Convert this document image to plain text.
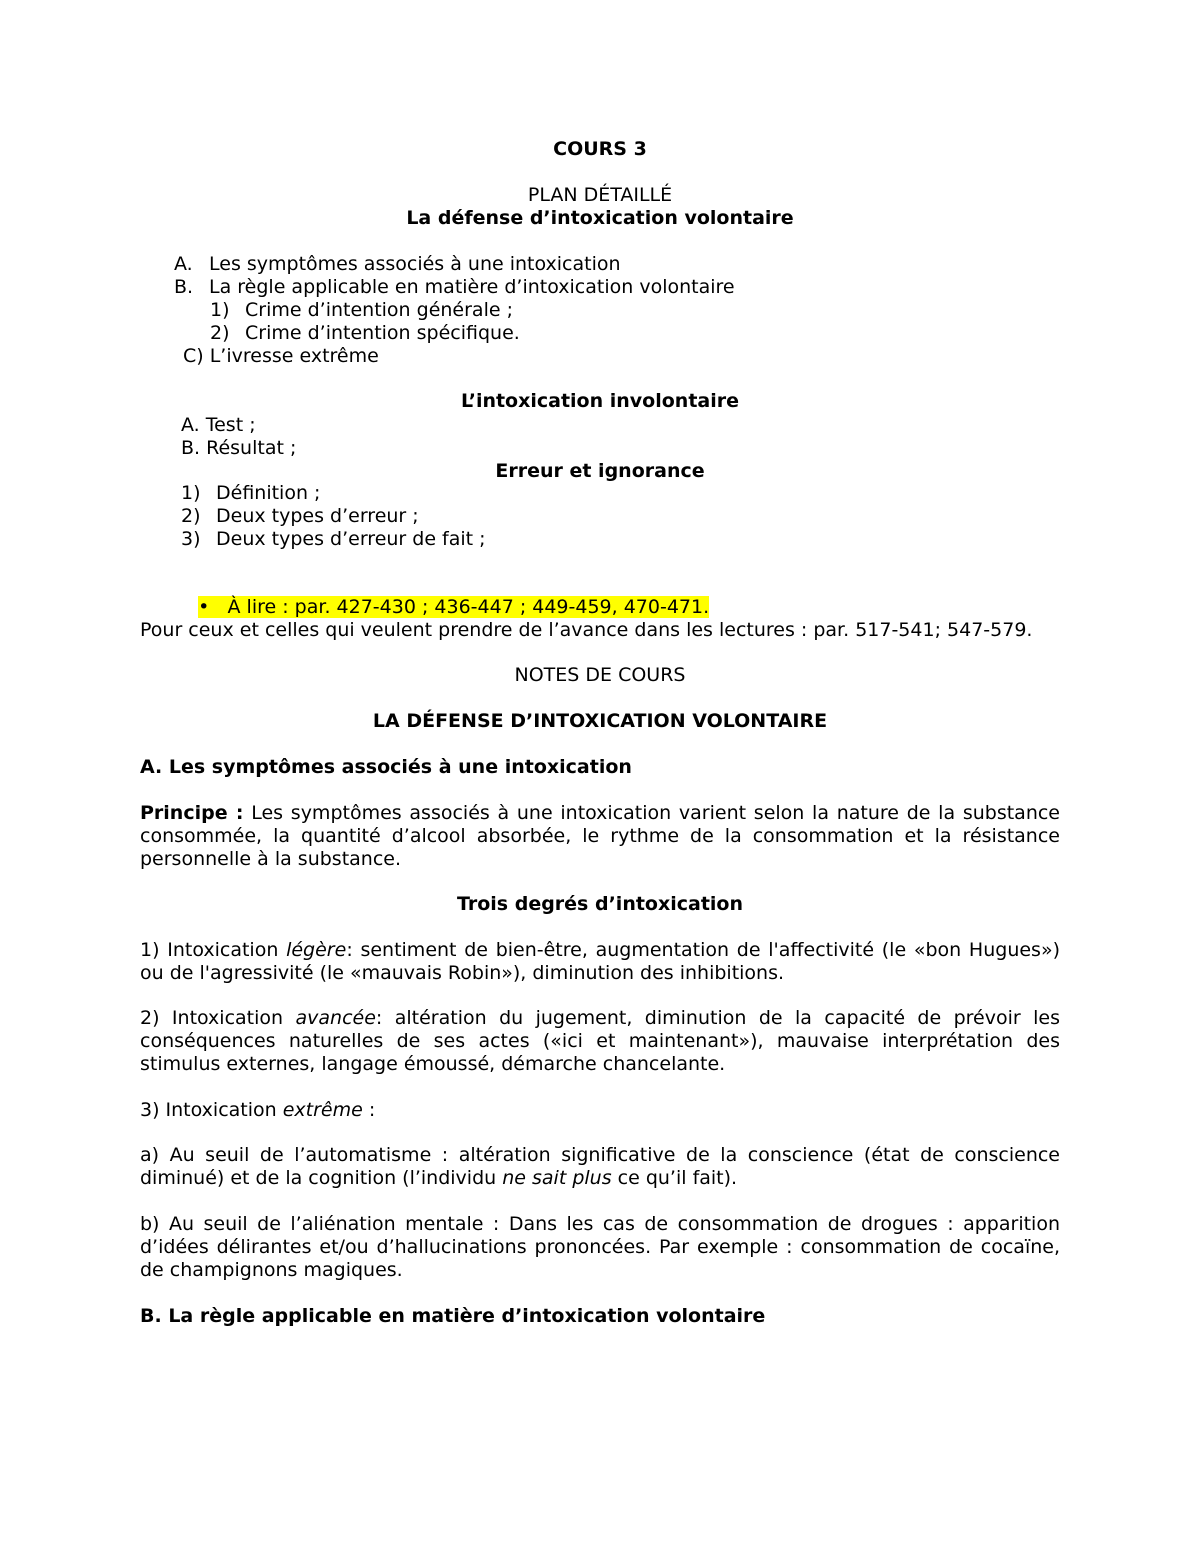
COURS 3
PLAN DÉTAILLÉ
La défense d’intoxication volontaire
A. Les symptômes associés à une intoxication
B. La règle applicable en matière d’intoxication volontaire
1) Crime d’intention générale ;
2) Crime d’intention spécifique.
C) L’ivresse extrême
L’intoxication involontaire
A. Test ;
B. Résultat ;
Erreur et ignorance
1) Définition ;
2) Deux types d’erreur ;
3) Deux types d’erreur de fait ;

• À lire : par. 427-430 ; 436-447 ; 449-459, 470-471.

Pour ceux et celles qui veulent prendre de l’avance dans les lectures : par. 517-541; 547-579.
NOTES DE COURS
LA DÉFENSE D’INTOXICATION VOLONTAIRE
A. Les symptômes associés à une intoxication
Principe : Les symptômes associés à une intoxication varient selon la nature de la substance consommée, la quantité d’alcool absorbée, le rythme de la consommation et la résistance personnelle à la substance.
Trois degrés d’intoxication
1) Intoxication légère: sentiment de bien-être, augmentation de l'affectivité (le «bon Hugues») ou de l'agressivité (le «mauvais Robin»), diminution des inhibitions.
2) Intoxication avancée: altération du jugement, diminution de la capacité de prévoir les conséquences naturelles de ses actes («ici et maintenant»), mauvaise interprétation des stimulus externes, langage émoussé, démarche chancelante.
3) Intoxication extrême :
a) Au seuil de l’automatisme : altération significative de la conscience (état de conscience diminué) et de la cognition (l’individu ne sait plus ce qu’il fait).
b) Au seuil de l’aliénation mentale : Dans les cas de consommation de drogues : apparition d’idées délirantes et/ou d’hallucinations prononcées. Par exemple : consommation de cocaïne, de champignons magiques.
B. La règle applicable en matière d’intoxication volontaire
